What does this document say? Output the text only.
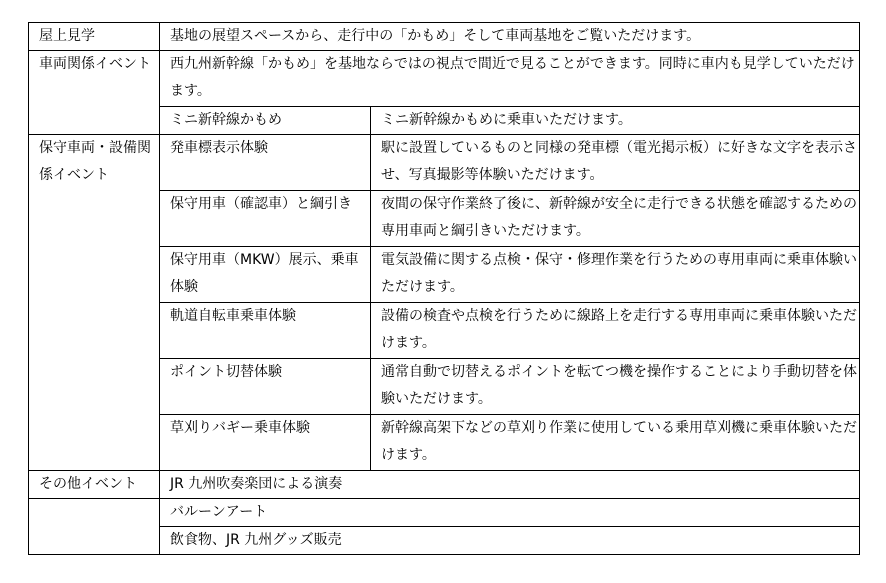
屋上見学	基地の展望スペースから、走行中の「かもめ」そして車両基地をご覧いただけます。	
車両関係イベント	西九州新幹線「かもめ」を基地ならではの視点で間近で見ることができます。同時に車内も見学していただけます。	
	ミニ新幹線かもめ	ミニ新幹線かもめに乗車いただけます。
保守車両・設備関係イベント	発車標表示体験	駅に設置しているものと同様の発車標（電光掲示板）に好きな文字を表示させ、写真撮影等体験いただけます。
	保守用車（確認車）と綱引き	夜間の保守作業終了後に、新幹線が安全に走行できる状態を確認するための専用車両と綱引きいただけます。
	保守用車（MKW）展示、乗車体験	電気設備に関する点検・保守・修理作業を行うための専用車両に乗車体験いただけます。
	軌道自転車乗車体験	設備の検査や点検を行うために線路上を走行する専用車両に乗車体験いただけます。
	ポイント切替体験	通常自動で切替えるポイントを転てつ機を操作することにより手動切替を体験いただけます。
	草刈りバギー乗車体験	新幹線高架下などの草刈り作業に使用している乗用草刈機に乗車体験いただけます。
その他イベント	JR 九州吹奏楽団による演奏	
	バルーンアート	
	飲食物、JR 九州グッズ販売	
